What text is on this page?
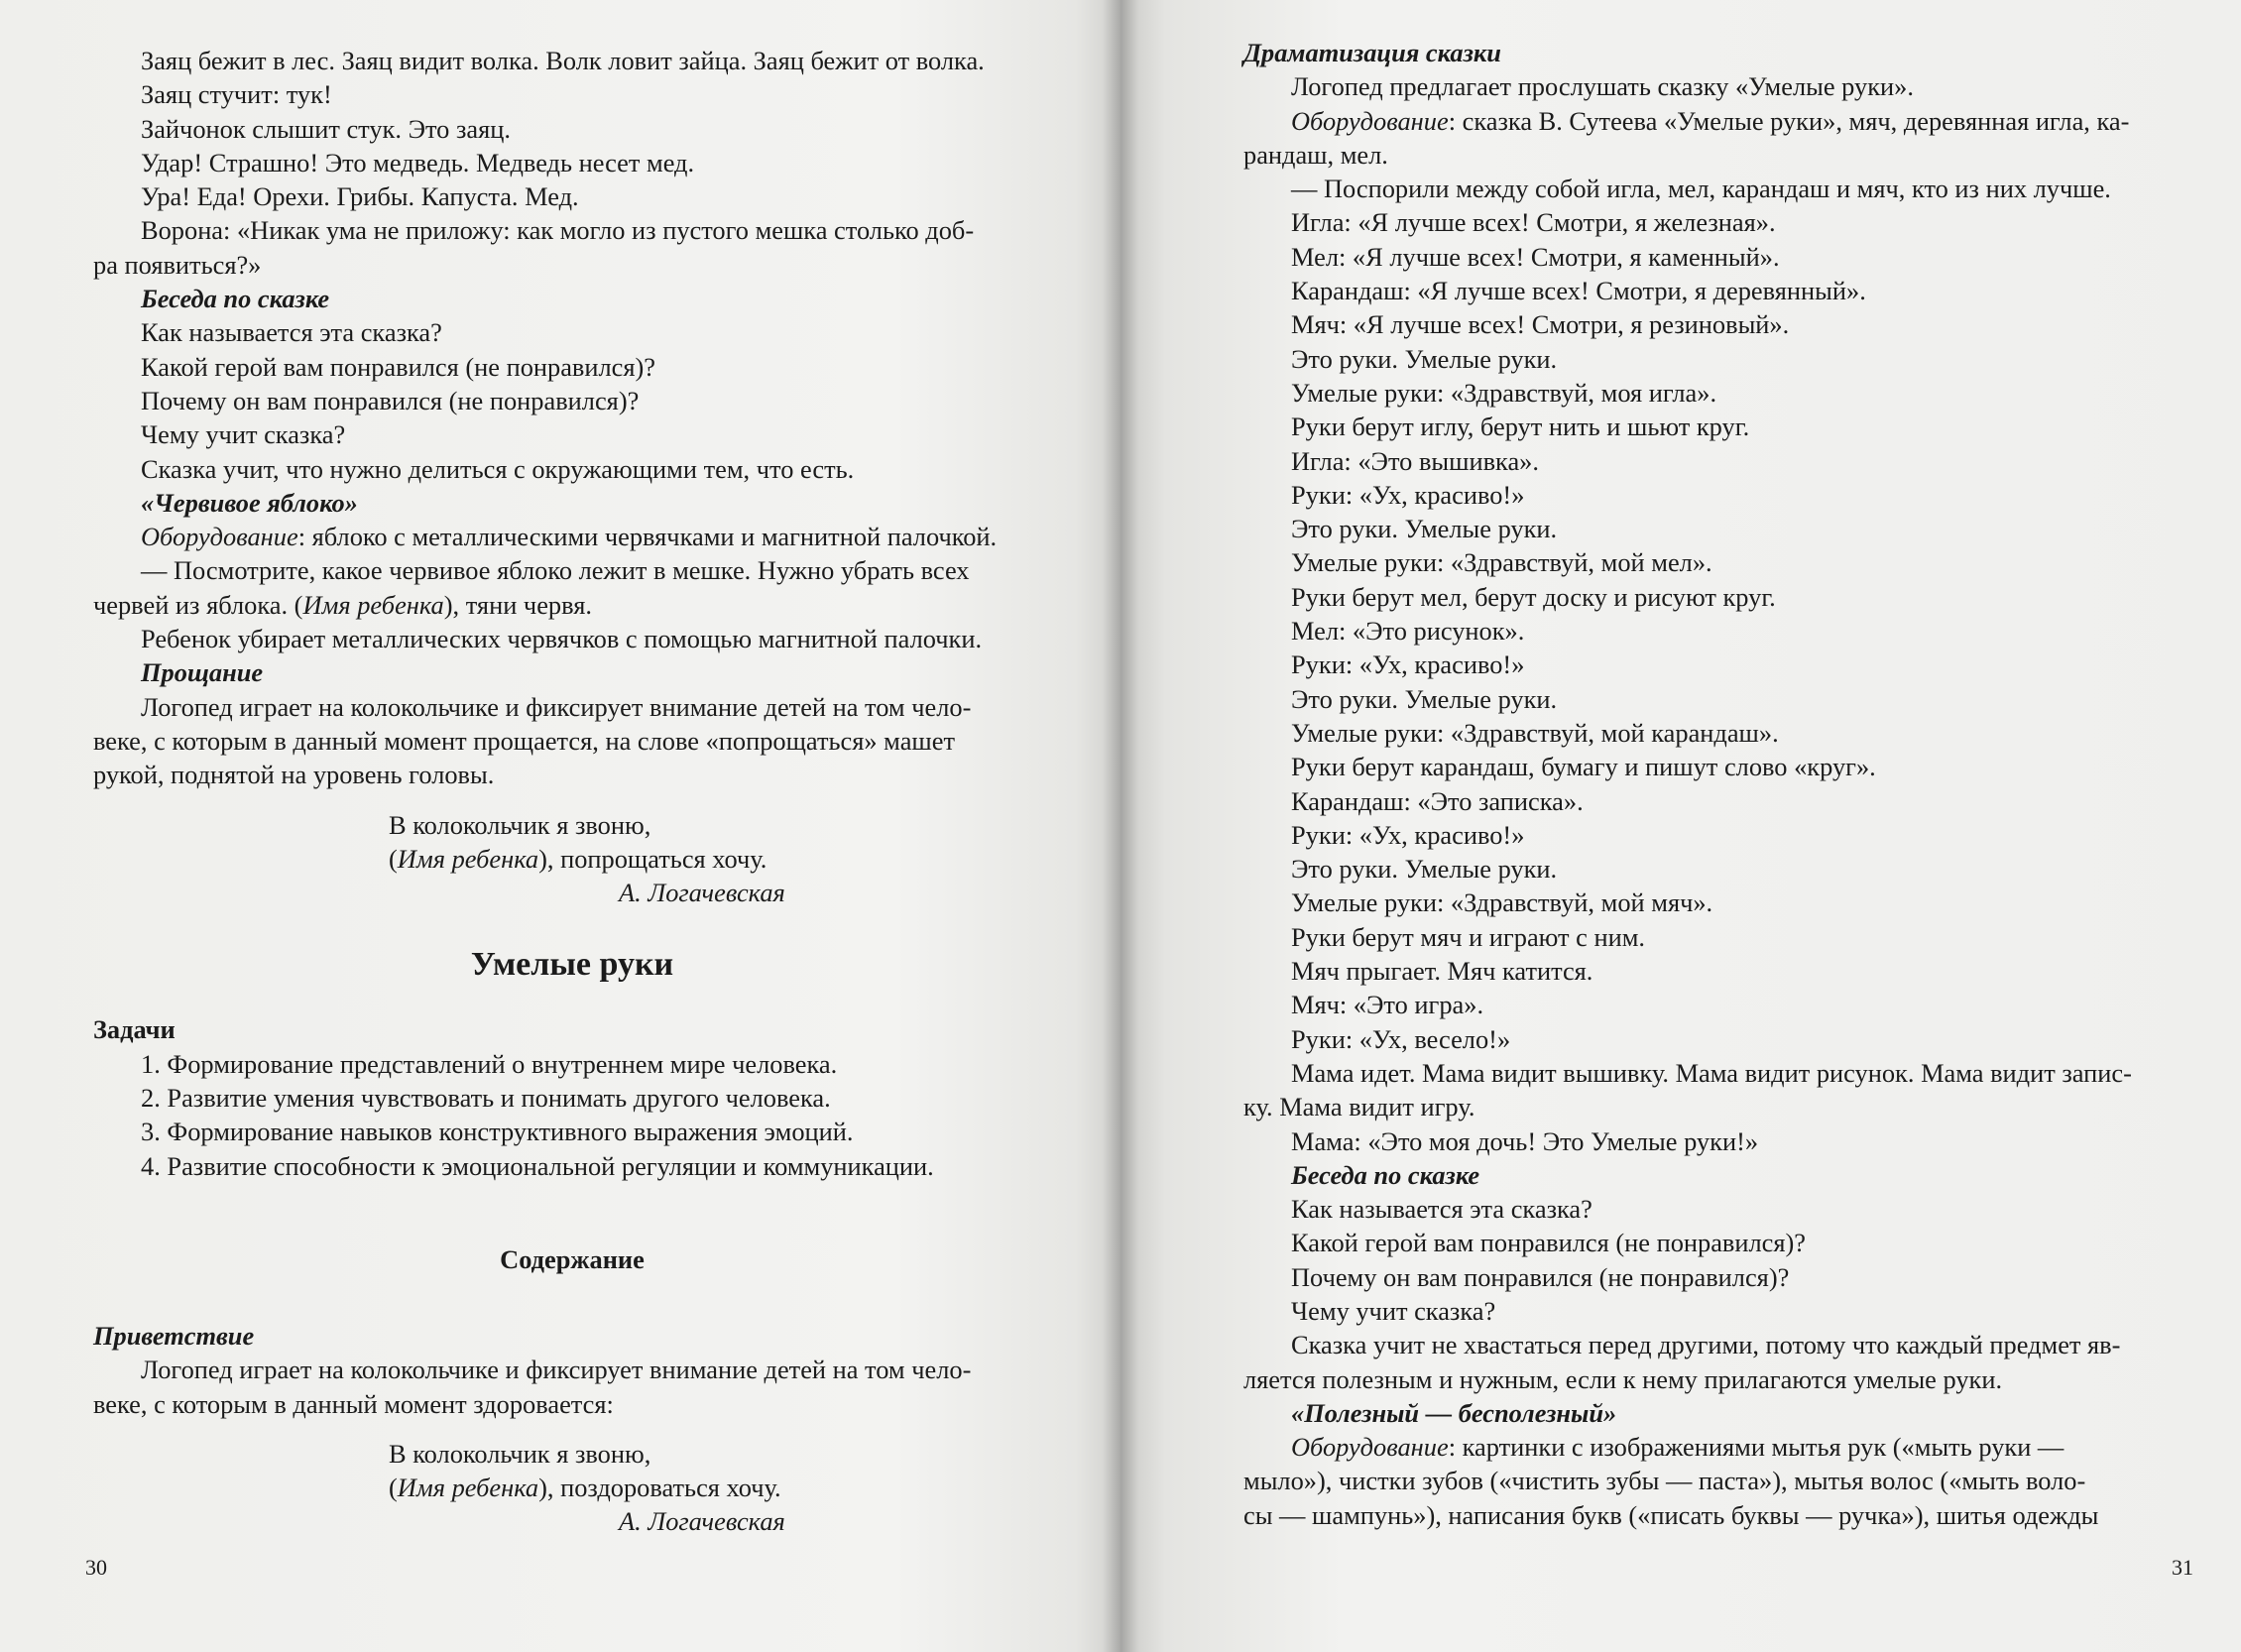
Заяц бежит в лес. Заяц видит волка. Волк ловит зайца. Заяц бежит от волка.

Заяц стучит: тук!

Зайчонок слышит стук. Это заяц.

Удар! Страшно! Это медведь. Медведь несет мед.

Ура! Еда! Орехи. Грибы. Капуста. Мед.

Ворона: «Никак ума не приложу: как могло из пустого мешка столько доб-

ра появиться?»

Беседа по сказке

Как называется эта сказка?

Какой герой вам понравился (не понравился)?

Почему он вам понравился (не понравился)?

Чему учит сказка?

Сказка учит, что нужно делиться с окружающими тем, что есть.

«Червивое яблоко»

Оборудование: яблоко с металлическими червячками и магнитной палочкой.

— Посмотрите, какое червивое яблоко лежит в мешке. Нужно убрать всех

червей из яблока. (Имя ребенка), тяни червя.

Ребенок убирает металлических червячков с помощью магнитной палочки.

Прощание

Логопед играет на колокольчике и фиксирует внимание детей на том чело-

веке, с которым в данный момент прощается, на слове «попрощаться» машет

рукой, поднятой на уровень головы.

В колокольчик я звоню,

(Имя ребенка), попрощаться хочу.

А. Логачевская

Умелые руки

Задачи

1. Формирование представлений о внутреннем мире человека.

2. Развитие умения чувствовать и понимать другого человека.

3. Формирование навыков конструктивного выражения эмоций.

4. Развитие способности к эмоциональной регуляции и коммуникации.

Содержание

Приветствие

Логопед играет на колокольчике и фиксирует внимание детей на том чело-

веке, с которым в данный момент здоровается:

В колокольчик я звоню,

(Имя ребенка), поздороваться хочу.

А. Логачевская

30

Драматизация сказки

Логопед предлагает прослушать сказку «Умелые руки».

Оборудование: сказка В. Сутеева «Умелые руки», мяч, деревянная игла, ка-

рандаш, мел.

— Поспорили между собой игла, мел, карандаш и мяч, кто из них лучше.

Игла: «Я лучше всех! Смотри, я железная».

Мел: «Я лучше всех! Смотри, я каменный».

Карандаш: «Я лучше всех! Смотри, я деревянный».

Мяч: «Я лучше всех! Смотри, я резиновый».

Это руки. Умелые руки.

Умелые руки: «Здравствуй, моя игла».

Руки берут иглу, берут нить и шьют круг.

Игла: «Это вышивка».

Руки: «Ух, красиво!»

Это руки. Умелые руки.

Умелые руки: «Здравствуй, мой мел».

Руки берут мел, берут доску и рисуют круг.

Мел: «Это рисунок».

Руки: «Ух, красиво!»

Это руки. Умелые руки.

Умелые руки: «Здравствуй, мой карандаш».

Руки берут карандаш, бумагу и пишут слово «круг».

Карандаш: «Это записка».

Руки: «Ух, красиво!»

Это руки. Умелые руки.

Умелые руки: «Здравствуй, мой мяч».

Руки берут мяч и играют с ним.

Мяч прыгает. Мяч катится.

Мяч: «Это игра».

Руки: «Ух, весело!»

Мама идет. Мама видит вышивку. Мама видит рисунок. Мама видит запис-

ку. Мама видит игру.

Мама: «Это моя дочь! Это Умелые руки!»

Беседа по сказке

Как называется эта сказка?

Какой герой вам понравился (не понравился)?

Почему он вам понравился (не понравился)?

Чему учит сказка?

Сказка учит не хвастаться перед другими, потому что каждый предмет яв-

ляется полезным и нужным, если к нему прилагаются умелые руки.

«Полезный — бесполезный»

Оборудование: картинки с изображениями мытья рук («мыть руки —

мыло»), чистки зубов («чистить зубы — паста»), мытья волос («мыть воло-

сы — шампунь»), написания букв («писать буквы — ручка»), шитья одежды

31
